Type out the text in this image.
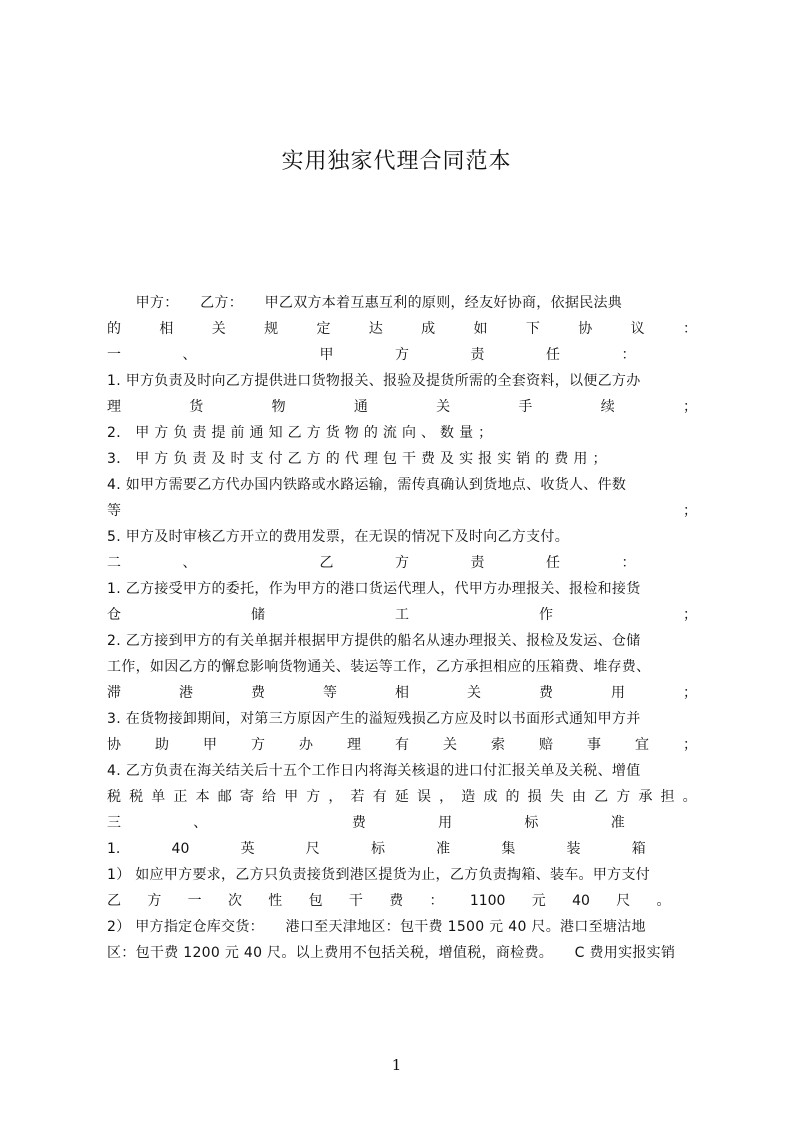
实用独家代理合同范本
　　甲方：　　乙方：　　甲乙双方本着互惠互利的原则，经友好协商，依据民法典
的	相	关	规	定	达	成	如	下	协	议	：
一	、	甲	方	责	任	：
1. 甲方负责及时向乙方提供进口货物报关、报验及提货所需的全套资料，以便乙方办
理	货	物	通	关	手	续	；
2． 甲 方 负 责 提 前 通 知 乙 方 货 物 的 流 向 、 数 量 ；
3． 甲 方 负 责 及 时 支 付 乙 方 的 代 理 包 干 费 及 实 报 实 销 的 费 用 ；
4. 如甲方需要乙方代办国内铁路或水路运输，需传真确认到货地点、收货人、件数
等	；
5. 甲方及时审核乙方开立的费用发票，在无误的情况下及时向乙方支付。
二	、	乙	方	责	任	：
1. 乙方接受甲方的委托，作为甲方的港口货运代理人，代甲方办理报关、报检和接货
仓	储	工	作	；
2. 乙方接到甲方的有关单据并根据甲方提供的船名从速办理报关、报检及发运、仓储
工作，如因乙方的懈怠影响货物通关、装运等工作，乙方承担相应的压箱费、堆存费、
滞	港	费	等	相	关	费	用	；
3. 在货物接卸期间，对第三方原因产生的溢短残损乙方应及时以书面形式通知甲方并
协 助 甲 方 办 理 有 关 索 赔 事 宜 ；
4. 乙方负责在海关结关后十五个工作日内将海关核退的进口付汇报关单及关税、增值
税 税 单 正 本 邮 寄 给 甲 方 ， 若 有 延 误 ， 造 成 的 损 失 由 乙 方 承 担 。
三	、	费	用	标	准
1.	40	英	尺	标	准	集	装	箱
1） 如应甲方要求，乙方只负责接货到港区提货为止，乙方负责掏箱、装车。甲方支付
乙 方 一 次 性 包 干 费 ： 1100 元 40 尺 。
2） 甲方指定仓库交货：　　港口至天津地区：包干费 1500 元 40 尺。港口至塘沽地
区：包干费 1200 元 40 尺。以上费用不包括关税，增值税，商检费。　　C 费用实报实销
1
